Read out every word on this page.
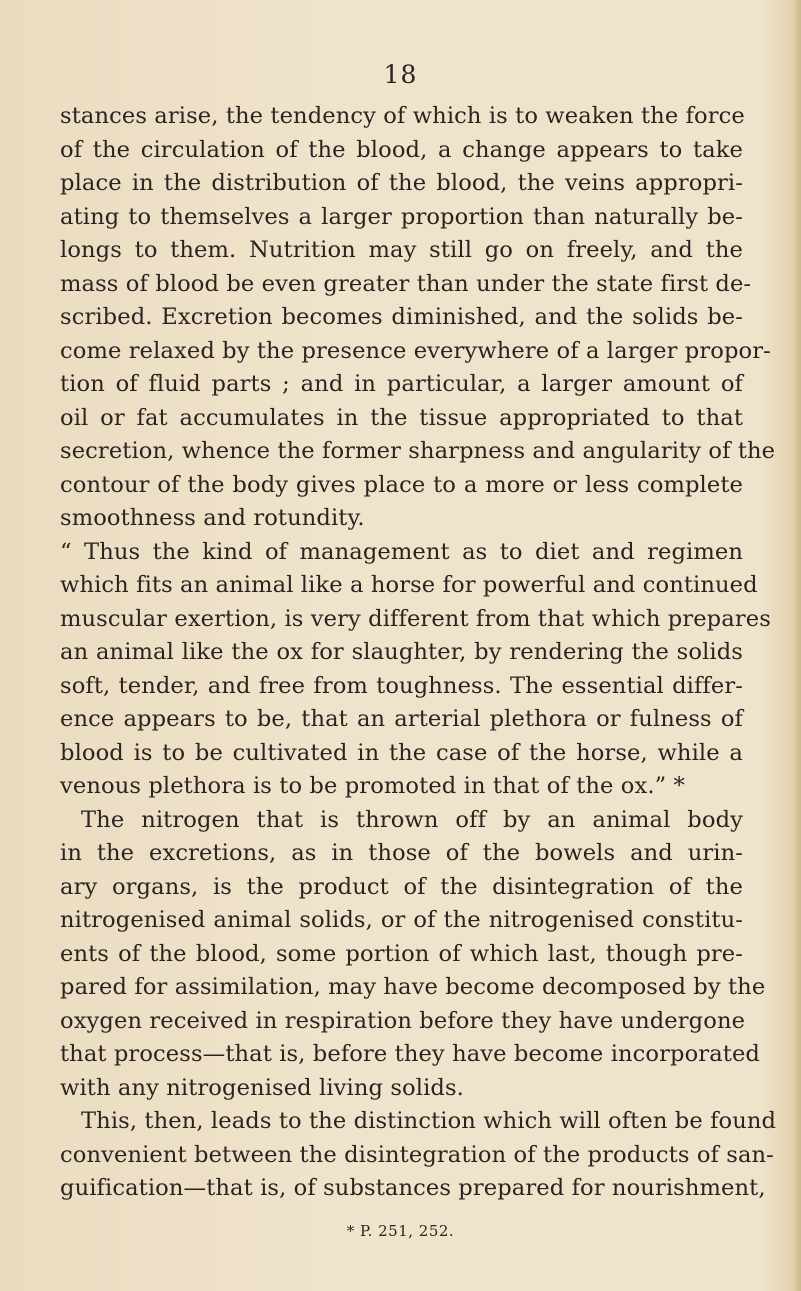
18
stances arise, the tendency of which is to weaken the force
of the circulation of the blood, a change appears to take
place in the distribution of the blood, the veins appropri-
ating to themselves a larger proportion than naturally be-
longs to them. Nutrition may still go on freely, and the
mass of blood be even greater than under the state first de-
scribed. Excretion becomes diminished, and the solids be-
come relaxed by the presence everywhere of a larger propor-
tion of fluid parts ; and in particular, a larger amount of
oil or fat accumulates in the tissue appropriated to that
secretion, whence the former sharpness and angularity of the
contour of the body gives place to a more or less complete
smoothness and rotundity.
“ Thus the kind of management as to diet and regimen
which fits an animal like a horse for powerful and continued
muscular exertion, is very different from that which prepares
an animal like the ox for slaughter, by rendering the solids
soft, tender, and free from toughness. The essential differ-
ence appears to be, that an arterial plethora or fulness of
blood is to be cultivated in the case of the horse, while a
venous plethora is to be promoted in that of the ox.” *
The nitrogen that is thrown off by an animal body
in the excretions, as in those of the bowels and urin-
ary organs, is the product of the disintegration of the
nitrogenised animal solids, or of the nitrogenised constitu-
ents of the blood, some portion of which last, though pre-
pared for assimilation, may have become decomposed by the
oxygen received in respiration before they have undergone
that process—that is, before they have become incorporated
with any nitrogenised living solids.
This, then, leads to the distinction which will often be found
convenient between the disintegration of the products of san-
guification—that is, of substances prepared for nourishment,
* P. 251, 252.
